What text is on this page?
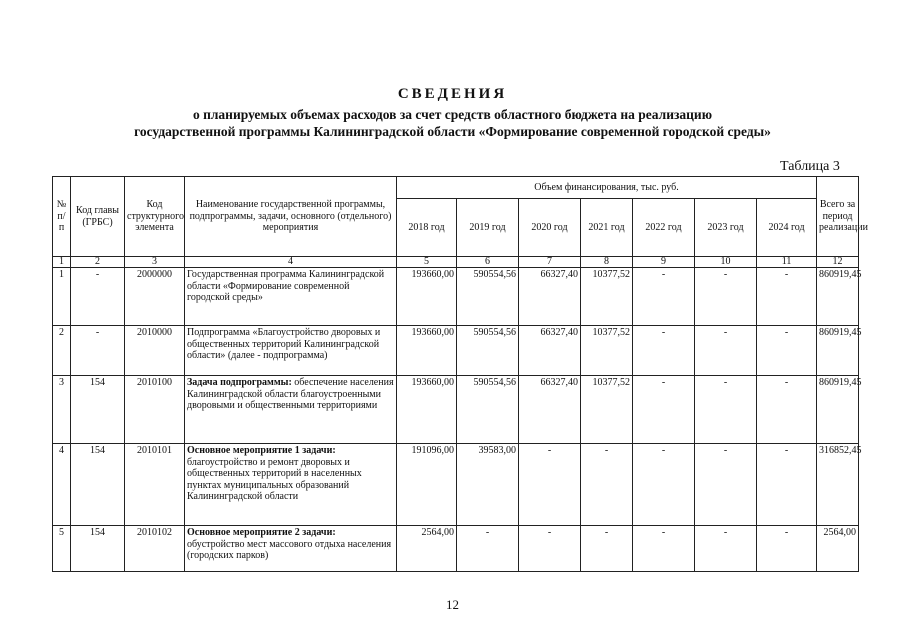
СВЕДЕНИЯ
о планируемых объемах расходов за счет средств областного бюджета на реализацию
государственной программы Калининградской области «Формирование современной городской среды»
Таблица 3
№ п/п	Код главы (ГРБС)	Код структурного элемента	Наименование государственной программы, подпрограммы, задачи, основного (отдельного) мероприятия	Объем финансирования, тыс. руб.							Всего за период реализации
				2018 год	2019 год	2020 год	2021 год	2022 год	2023 год	2024 год	
1	2	3	4	5	6	7	8	9	10	11	12
1	-	2000000	Государственная программа Калининградской области «Формирование современной городской среды»	193660,00	590554,56	66327,40	10377,52	-	-	-	860919,45
2	-	2010000	Подпрограмма «Благоустройство дворовых и общественных территорий Калининградской области» (далее - подпрограмма)	193660,00	590554,56	66327,40	10377,52	-	-	-	860919,45
3	154	2010100	Задача подпрограммы: обеспечение населения Калининградской области благоустроенными дворовыми и общественными территориями	193660,00	590554,56	66327,40	10377,52	-	-	-	860919,45
4	154	2010101	Основное мероприятие 1 задачи: благоустройство и ремонт дворовых и общественных территорий в населенных пунктах муниципальных образований Калининградской области	191096,00	39583,00	-	-	-	-	-	316852,45
5	154	2010102	Основное мероприятие 2 задачи: обустройство мест массового отдыха населения (городских парков)	2564,00	-	-	-	-	-	-	2564,00
12
